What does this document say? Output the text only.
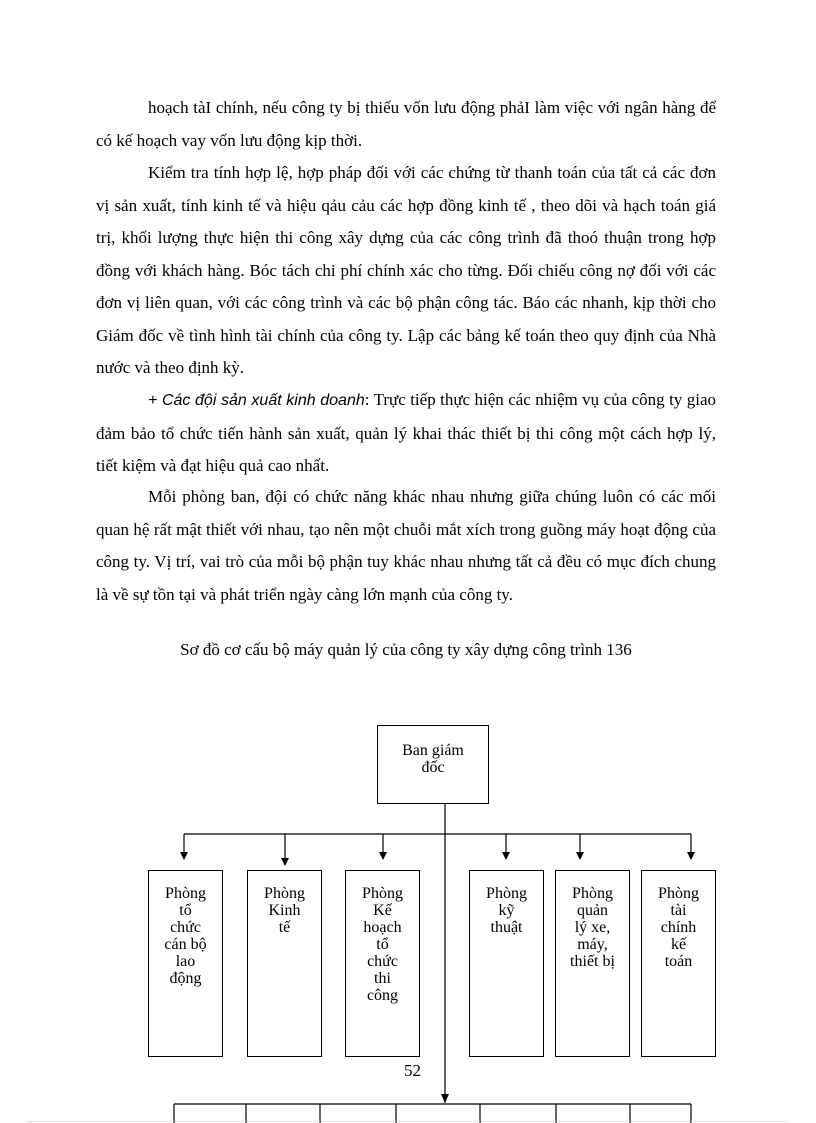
hoạch tàI chính, nếu công ty bị thiếu vốn lưu động phảI làm việc với ngân hàng để có kế hoạch vay vốn lưu động kịp thời.

Kiểm tra tính hợp lệ, hợp pháp đối với các chứng từ thanh toán của tất cả các đơn vị sản xuất, tính kinh tế và hiệu qảu cảu các hợp đồng kinh tế , theo dõi và hạch toán giá trị, khối lượng thực hiện thi công xây dựng của các công trình đã thoó thuận trong hợp đồng với khách hàng. Bóc tách chi phí chính xác cho từng. Đối chiếu công nợ đối với các đơn vị liên quan, với các công trình và các bộ phận công tác. Báo các nhanh, kịp thời cho Giám đốc về tình hình tài chính của công ty. Lập các bảng kế toán theo quy định của Nhà nước và theo định kỳ.

+ Các đội sản xuất kinh doanh: Trực tiếp thực hiện các nhiệm vụ của công ty giao đảm bảo tổ chức tiến hành sản xuất, quản lý khai thác thiết bị thi công một cách hợp lý, tiết kiệm và đạt hiệu quả cao nhất.

Mỗi phòng ban, đội có chức năng khác nhau nhưng giữa chúng luôn có các mối quan hệ rất mật thiết với nhau, tạo nên một chuỗi mắt xích trong guồng máy hoạt động của công ty. Vị trí, vai trò của mỗi bộ phận tuy khác nhau nhưng tất cả đều có mục đích chung là về sự tồn tại và phát triển ngày càng lớn mạnh của công ty.

Sơ đồ cơ cấu bộ máy quản lý của công ty xây dựng công trình 136

Ban giám
đốc
Phòng
tổ
chức
cán bộ
lao
động
Phòng
Kinh
tế
Phòng
Kế
hoạch
tổ
chức
thi
công
Phòng
kỹ
thuật
Phòng
quản
lý xe,
máy,
thiết bị
Phòng
tài
chính
kế
toán
52
